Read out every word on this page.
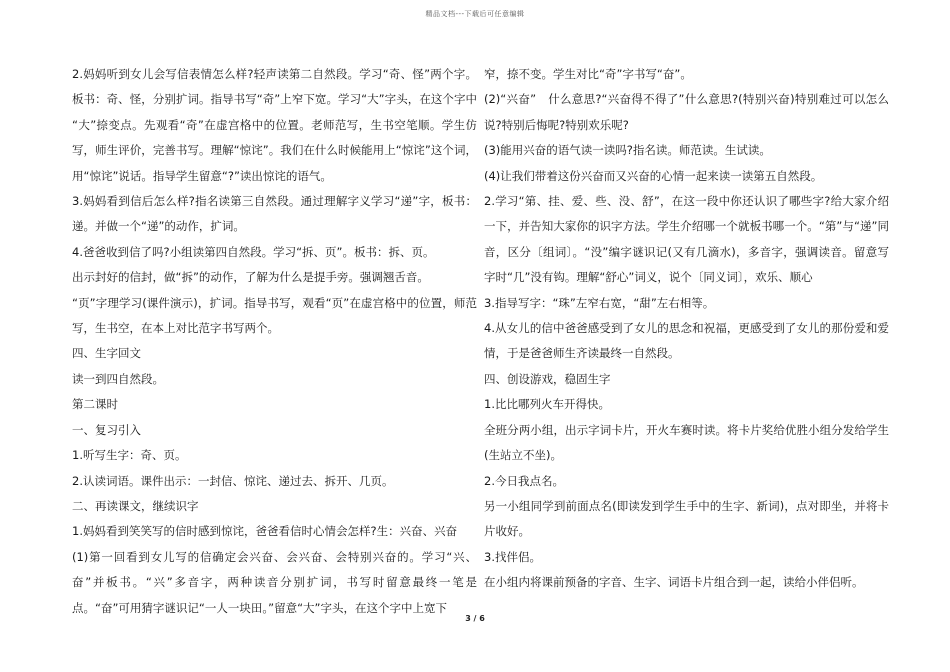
精品文档---下载后可任意编辑

2.妈妈听到女儿会写信表情怎么样?轻声读第二自然段。学习“奇、怪”两个字。板书：奇、怪，分别扩词。指导书写“奇”上窄下宽。学习“大”字头，在这个字中 “大”捺变点。先观看“奇”在虚宫格中的位置。老师范写，生书空笔顺。学生仿写，师生评价，完善书写。理解“惊诧”。我们在什么时候能用上“惊诧”这个词，用“惊诧”说话。指导学生留意“?”读出惊诧的语气。

3.妈妈看到信后怎么样?指名读第三自然段。通过理解字义学习“递”字，板书：递。并做一个“递”的动作，扩词。

4.爸爸收到信了吗?小组读第四自然段。学习“拆、页”。板书：拆、页。

出示封好的信封，做“拆”的动作，了解为什么是提手旁。强调翘舌音。

“页”字理学习(课件演示)，扩词。指导书写，观看“页”在虚宫格中的位置，师范写，生书空，在本上对比范字书写两个。

四、生字回文

读一到四自然段。

第二课时

一、复习引入

1.听写生字：奇、页。

2.认读词语。课件出示：一封信、惊诧、递过去、拆开、几页。

二、再读课文，继续识字

1.妈妈看到笑笑写的信时感到惊诧，爸爸看信时心情会怎样?生：兴奋、兴奋

(1)第一回看到女儿写的信确定会兴奋、会兴奋、会特别兴奋的。学习“兴、奋”并板书。“兴”多音字，两种读音分别扩词，书写时留意最终一笔是点。“奋”可用猜字谜识记“一人一块田。”留意“大”字头，在这个字中上宽下

窄，捺不变。学生对比“奇”字书写“奋”。

(2)“兴奋”　什么意思?“兴奋得不得了”什么意思?(特别兴奋)特别难过可以怎么说?特别后悔呢?特别欢乐呢?

(3)能用兴奋的语气读一读吗?指名读。师范读。生试读。

(4)让我们带着这份兴奋而又兴奋的心情一起来读一读第五自然段。

2.学习“第、挂、爱、些、没、舒”，在这一段中你还认识了哪些字?给大家介绍一下，并告知大家你的识字方法。学生介绍哪一个就板书哪一个。“第”与“递”同音，区分〔组词〕。“没”编字谜识记(又有几滴水)，多音字，强调读音。留意写字时“几”没有钩。理解“舒心”词义，说个〔同义词〕，欢乐、顺心

3.指导写字：“珠”左窄右宽，“甜”左右相等。

4.从女儿的信中爸爸感受到了女儿的思念和祝福，更感受到了女儿的那份爱和爱情，于是爸爸师生齐读最终一自然段。

四、创设游戏，稳固生字

1.比比哪列火车开得快。

全班分两小组，出示字词卡片，开火车赛时读。将卡片奖给优胜小组分发给学生(生站立不坐)。

2.今日我点名。

另一小组同学到前面点名(即读发到学生手中的生字、新词)，点对即坐，并将卡片收好。

3.找伴侣。

在小组内将课前预备的字音、生字、词语卡片组合到一起，读给小伴侣听。

3 / 6
